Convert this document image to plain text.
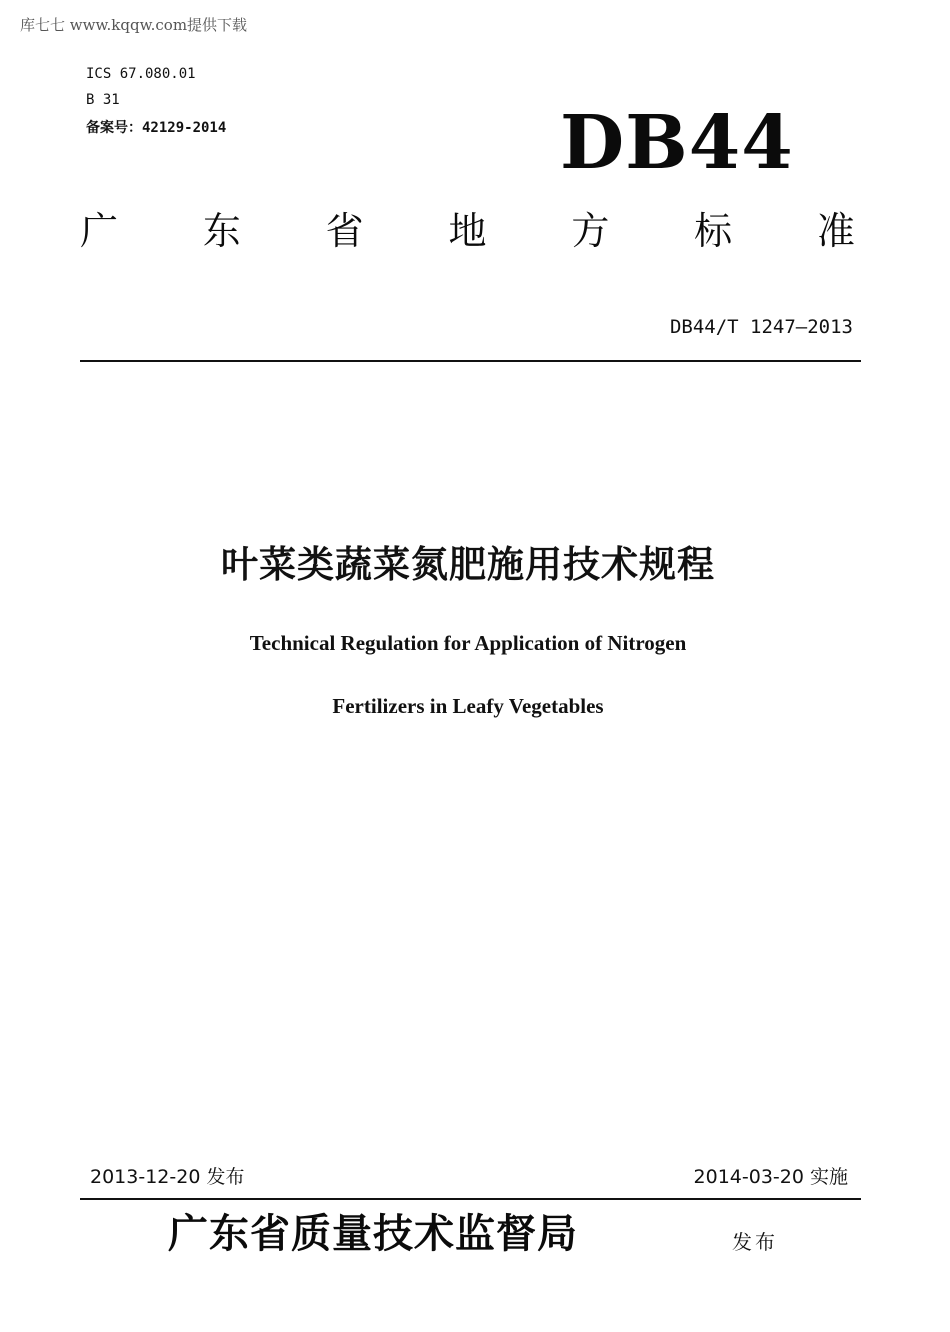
库七七 www.kqqw.com提供下载
ICS 67.080.01
B 31
备案号：42129-2014	DB44
广 东 省 地 方 标 准
DB44/T 1247—2013
叶菜类蔬菜氮肥施用技术规程
Technical Regulation for Application of Nitrogen
Fertilizers in Leafy Vegetables
2013-12-20 发布	2014-03-20 实施
广东省质量技术监督局	发布
